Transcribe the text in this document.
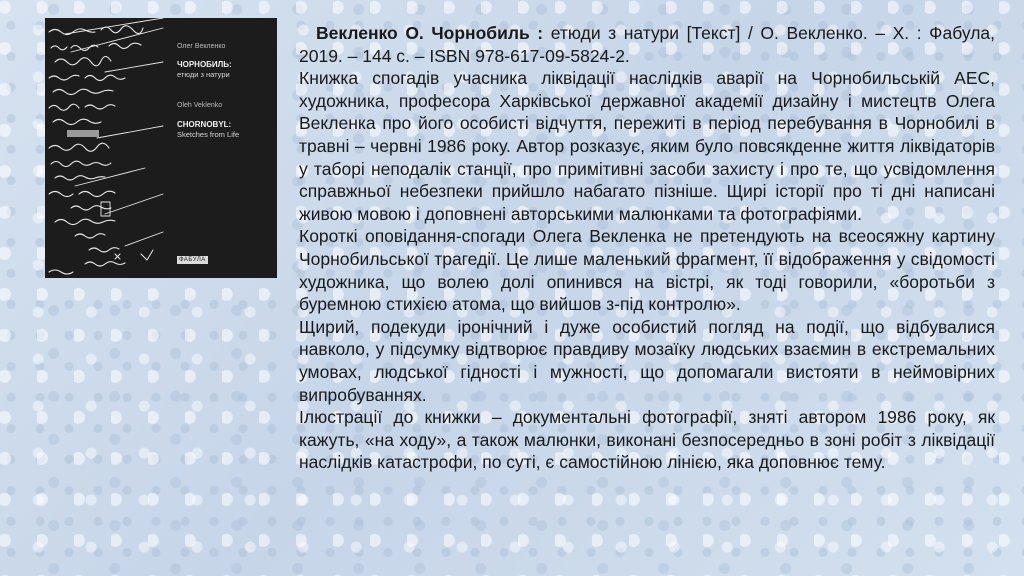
Олег Векленко
ЧОРНОБИЛЬ:
етюди з натури
Oleh Veklenko
CHORNOBYL:
Sketches from Life
ФАБУЛА

Векленко О. Чорнобиль : етюди з натури [Текст] / О. Векленко. – Х. : Фабула, 2019. – 144 с. – ISBN 978-617-09-5824-2.

Книжка спогадів учасника ліквідації наслідків аварії на Чорнобильській АЕС, художника, професора Харківської державної академії дизайну і мистецтв Олега Векленка про його особисті відчуття, пережиті в період перебування в Чорнобилі в травні – червні 1986 року. Автор розказує, яким було повсякденне життя ліквідаторів у таборі неподалік станції, про примітивні засоби захисту і про те, що усвідомлення справжньої небезпеки прийшло набагато пізніше. Щирі історії про ті дні написані живою мовою і доповнені авторськими малюнками та фотографіями.

Короткі оповідання-спогади Олега Векленка не претендують на всеосяжну картину Чорнобильської трагедії. Це лише маленький фрагмент, її відображення у свідомості художника, що волею долі опинився на вістрі, як тоді говорили, «боротьби з буремною стихією атома, що вийшов з-під контролю».

Щирий, подекуди іронічний і дуже особистий погляд на події, що відбувалися навколо, у підсумку відтворює правдиву мозаїку людських взаємин в екстремальних умовах, людської гідності і мужності, що допомагали вистояти в неймовірних випробуваннях.

Ілюстрації до книжки – документальні фотографії, зняті автором 1986 року, як кажуть, «на ходу», а також малюнки, виконані безпосередньо в зоні робіт з ліквідації наслідків катастрофи, по суті, є самостійною лінією, яка доповнює тему.
